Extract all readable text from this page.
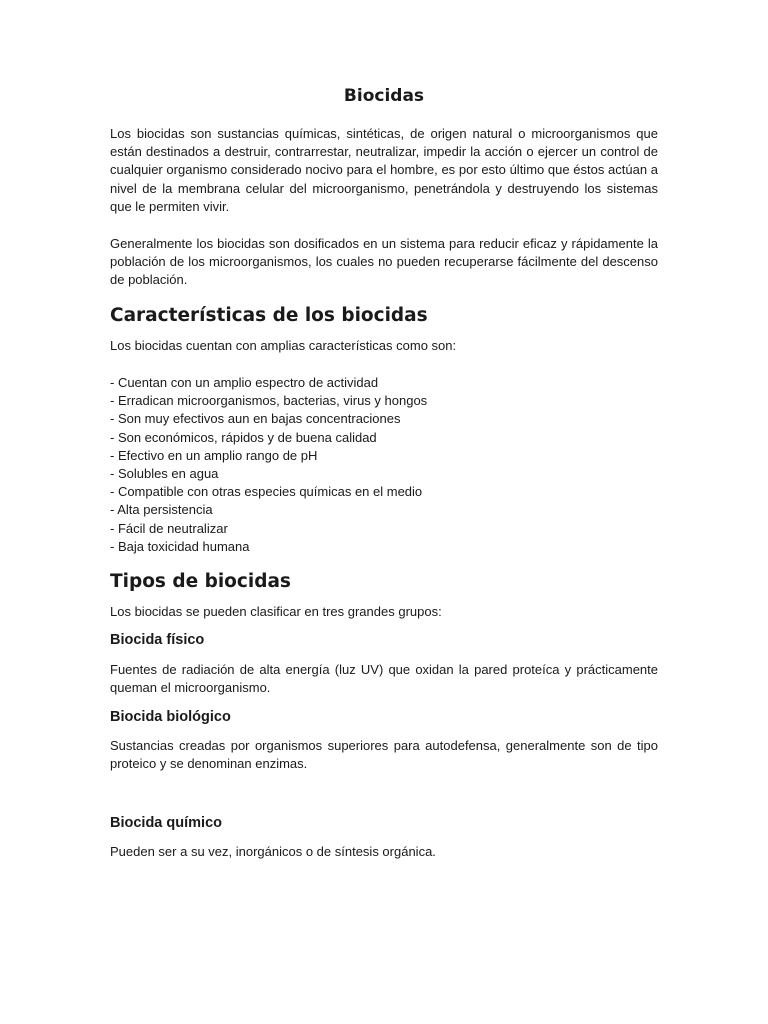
Biocidas

Los biocidas son sustancias químicas, sintéticas, de origen natural o microorganismos que están destinados a destruir, contrarrestar, neutralizar, impedir la acción o ejercer un control de cualquier organismo considerado nocivo para el hombre, es por esto último que éstos actúan a nivel de la membrana celular del microorganismo, penetrándola y destruyendo los sistemas que le permiten vivir.

Generalmente los biocidas son dosificados en un sistema para reducir eficaz y rápidamente la población de los microorganismos, los cuales no pueden recuperarse fácilmente del descenso de población.

Características de los biocidas

Los biocidas cuentan con amplias características como son:

- Cuentan con un amplio espectro de actividad
- Erradican microorganismos, bacterias, virus y hongos
- Son muy efectivos aun en bajas concentraciones
- Son económicos, rápidos y de buena calidad
- Efectivo en un amplio rango de pH
- Solubles en agua
- Compatible con otras especies químicas en el medio
- Alta persistencia
- Fácil de neutralizar
- Baja toxicidad humana
Tipos de biocidas

Los biocidas se pueden clasificar en tres grandes grupos:

Biocida físico

Fuentes de radiación de alta energía (luz UV) que oxidan la pared proteíca y prácticamente queman el microorganismo.

Biocida biológico

Sustancias creadas por organismos superiores para autodefensa, generalmente son de tipo proteico y se denominan enzimas.

Biocida químico

Pueden ser a su vez, inorgánicos o de síntesis orgánica.
